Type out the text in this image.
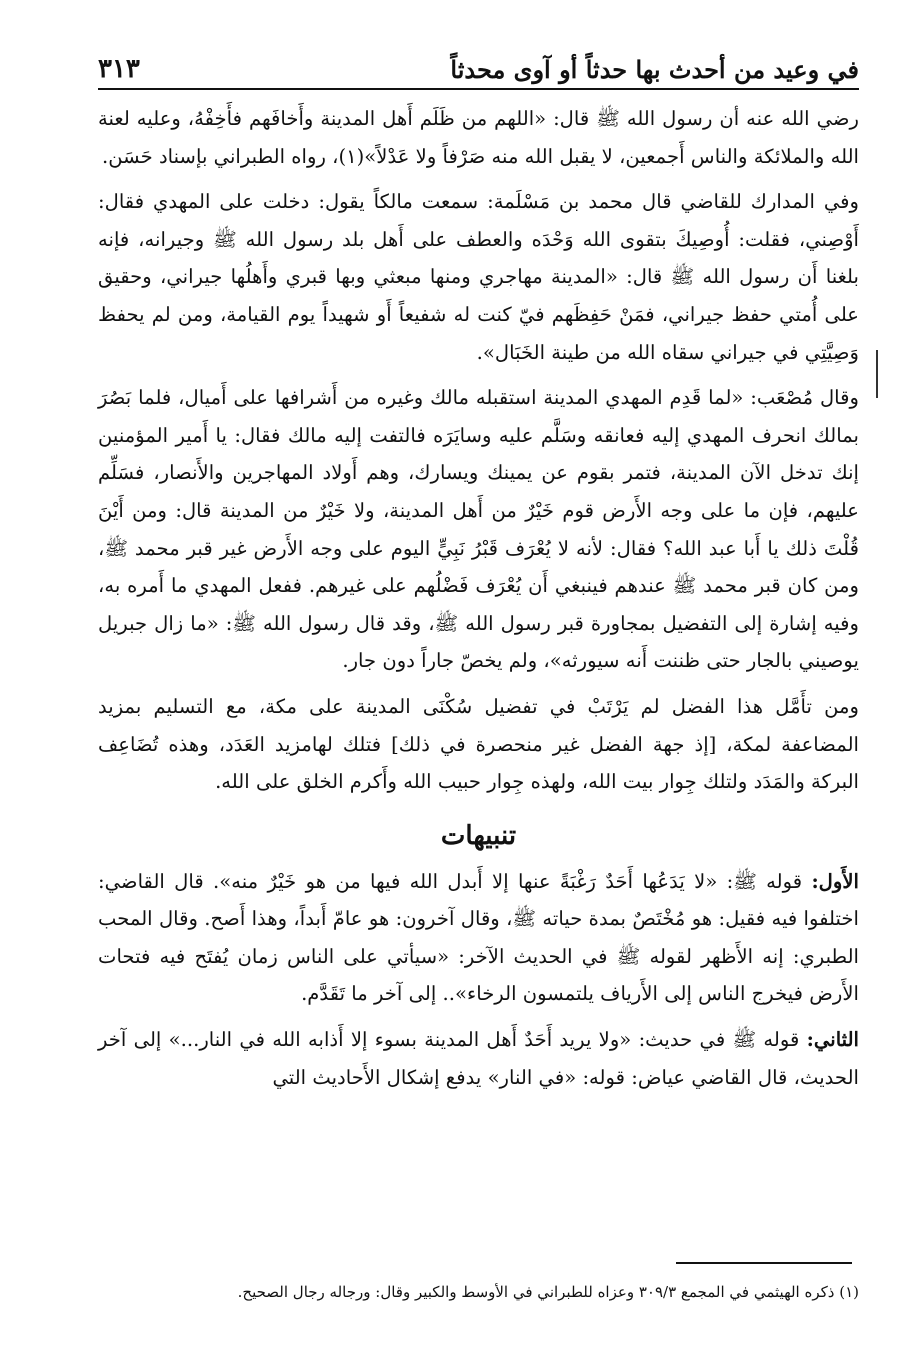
في وعيد من أحدث بها حدثاً أو آوى محدثاً
٣١٣

رضي الله عنه أن رسول الله ﷺ قال: «اللهم من ظَلَم أَهل المدينة وأَخافَهم فأَخِفْهُ، وعليه لعنة الله والملائكة والناس أَجمعين، لا يقبل الله منه صَرْفاً ولا عَدْلاً»(١)، رواه الطبراني بإسناد حَسَن.

وفي المدارك للقاضي قال محمد بن مَسْلَمة: سمعت مالكاً يقول: دخلت على المهدي فقال: أَوْصِني، فقلت: أُوصِيكَ بتقوى الله وَحْدَه والعطف على أَهل بلد رسول الله ﷺ وجيرانه، فإنه بلغنا أَن رسول الله ﷺ قال: «المدينة مهاجري ومنها مبعثي وبها قبري وأَهلُها جيراني، وحقيق على أُمتي حفظ جيراني، فمَنْ حَفِظَهم فيّ كنت له شفيعاً أَو شهيداً يوم القيامة، ومن لم يحفظ وَصِيَّتِي في جيراني سقاه الله من طينة الخَبَال».

وقال مُصْعَب: «لما قَدِم المهدي المدينة استقبله مالك وغيره من أَشرافها على أَميال، فلما بَصُرَ بمالك انحرف المهدي إليه فعانقه وسَلَّم عليه وسايَرَه فالتفت إليه مالك فقال: يا أَمير المؤمنين إنك تدخل الآن المدينة، فتمر بقوم عن يمينك ويسارك، وهم أَولاد المهاجرين والأَنصار، فسَلِّم عليهم، فإن ما على وجه الأَرض قوم خَيْرٌ من أَهل المدينة، ولا خَيْرٌ من المدينة قال: ومن أَيْنَ قُلْتَ ذلك يا أَبا عبد الله؟ فقال: لأنه لا يُعْرَف قَبْرُ نَبِيٍّ اليوم على وجه الأَرض غير قبر محمد ﷺ، ومن كان قبر محمد ﷺ عندهم فينبغي أَن يُعْرَف فَضْلُهم على غيرهم. ففعل المهدي ما أَمره به، وفيه إشارة إلى التفضيل بمجاورة قبر رسول الله ﷺ، وقد قال رسول الله ﷺ: «ما زال جبريل يوصيني بالجار حتى ظننت أَنه سيورثه»، ولم يخصّ جاراً دون جار.

ومن تأَمَّل هذا الفضل لم يَرْتَبْ في تفضيل سُكْنَى المدينة على مكة، مع التسليم بمزيد المضاعفة لمكة، [إذ جهة الفضل غير منحصرة في ذلك] فتلك لهامزيد العَدَد، وهذه تُضَاعِف البركة والمَدَد ولتلك جِوار بيت الله، ولهذه جِوار حبيب الله وأَكرم الخلق على الله.

تنبيهات

الأَول: قوله ﷺ: «لا يَدَعُها أَحَدٌ رَغْبَةً عنها إلا أَبدل الله فيها من هو خَيْرٌ منه». قال القاضي: اختلفوا فيه فقيل: هو مُخْتَصٌ بمدة حياته ﷺ، وقال آخرون: هو عامّ أَبداً، وهذا أَصح. وقال المحب الطبري: إنه الأَظهر لقوله ﷺ في الحديث الآخر: «سيأتي على الناس زمان يُفتَح فيه فتحات الأَرض فيخرج الناس إلى الأَرياف يلتمسون الرخاء».. إلى آخر ما تَقَدَّم.

الثاني: قوله ﷺ في حديث: «ولا يريد أَحَدٌ أَهل المدينة بسوء إلا أَذابه الله في النار...» إلى آخر الحديث، قال القاضي عياض: قوله: «في النار» يدفع إشكال الأَحاديث التي

(١) ذكره الهيثمي في المجمع ٣٠٩/٣ وعزاه للطبراني في الأوسط والكبير وقال: ورجاله رجال الصحيح.
